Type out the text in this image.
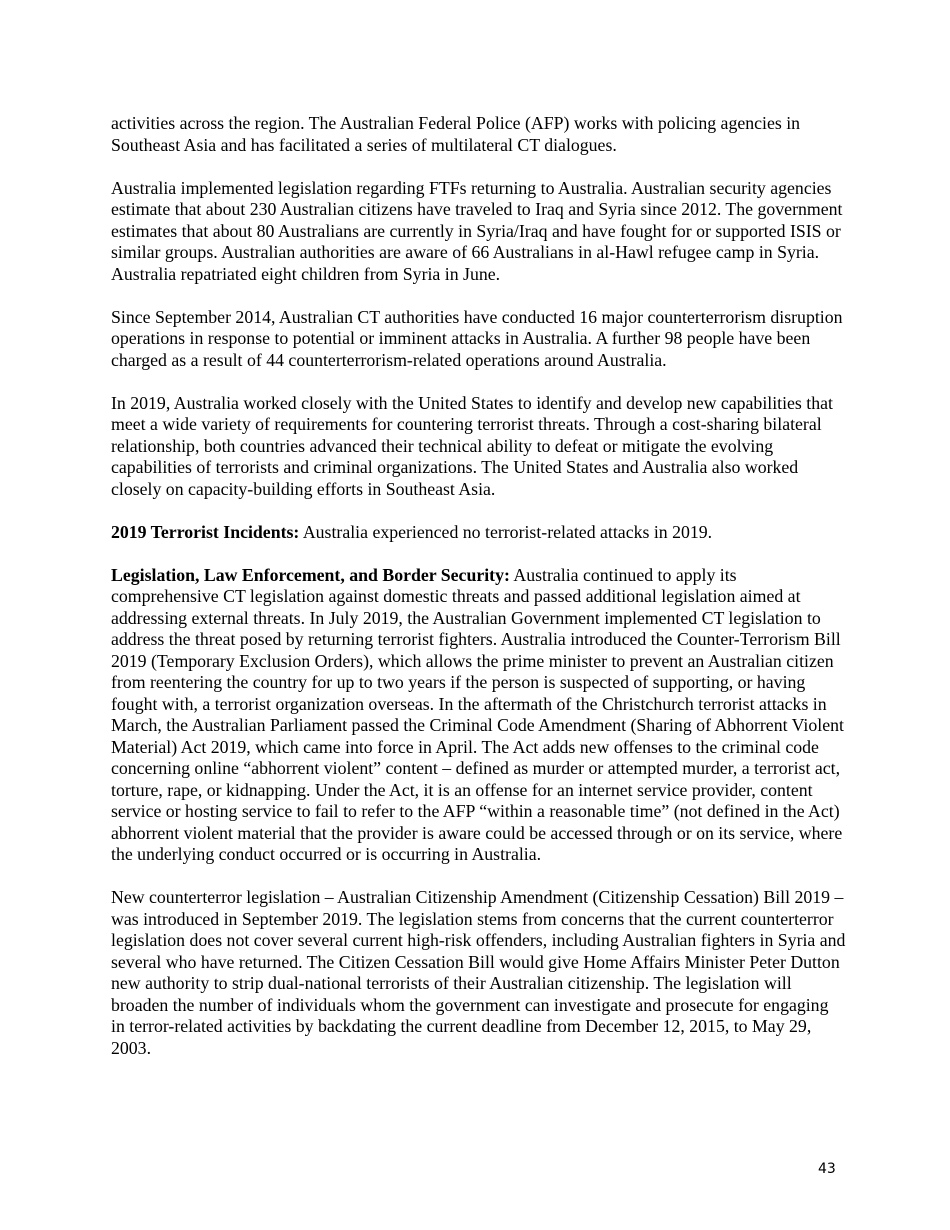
activities across the region. The Australian Federal Police (AFP) works with policing agencies in Southeast Asia and has facilitated a series of multilateral CT dialogues.

Australia implemented legislation regarding FTFs returning to Australia. Australian security agencies estimate that about 230 Australian citizens have traveled to Iraq and Syria since 2012. The government estimates that about 80 Australians are currently in Syria/Iraq and have fought for or supported ISIS or similar groups. Australian authorities are aware of 66 Australians in al-Hawl refugee camp in Syria. Australia repatriated eight children from Syria in June.

Since September 2014, Australian CT authorities have conducted 16 major counterterrorism disruption operations in response to potential or imminent attacks in Australia. A further 98 people have been charged as a result of 44 counterterrorism-related operations around Australia.

In 2019, Australia worked closely with the United States to identify and develop new capabilities that meet a wide variety of requirements for countering terrorist threats. Through a cost-sharing bilateral relationship, both countries advanced their technical ability to defeat or mitigate the evolving capabilities of terrorists and criminal organizations. The United States and Australia also worked closely on capacity-building efforts in Southeast Asia.

2019 Terrorist Incidents: Australia experienced no terrorist-related attacks in 2019.

Legislation, Law Enforcement, and Border Security: Australia continued to apply its comprehensive CT legislation against domestic threats and passed additional legislation aimed at addressing external threats. In July 2019, the Australian Government implemented CT legislation to address the threat posed by returning terrorist fighters. Australia introduced the Counter-Terrorism Bill 2019 (Temporary Exclusion Orders), which allows the prime minister to prevent an Australian citizen from reentering the country for up to two years if the person is suspected of supporting, or having fought with, a terrorist organization overseas. In the aftermath of the Christchurch terrorist attacks in March, the Australian Parliament passed the Criminal Code Amendment (Sharing of Abhorrent Violent Material) Act 2019, which came into force in April. The Act adds new offenses to the criminal code concerning online “abhorrent violent” content – defined as murder or attempted murder, a terrorist act, torture, rape, or kidnapping. Under the Act, it is an offense for an internet service provider, content service or hosting service to fail to refer to the AFP “within a reasonable time” (not defined in the Act) abhorrent violent material that the provider is aware could be accessed through or on its service, where the underlying conduct occurred or is occurring in Australia.

New counterterror legislation – Australian Citizenship Amendment (Citizenship Cessation) Bill 2019 – was introduced in September 2019. The legislation stems from concerns that the current counterterror legislation does not cover several current high-risk offenders, including Australian fighters in Syria and several who have returned. The Citizen Cessation Bill would give Home Affairs Minister Peter Dutton new authority to strip dual-national terrorists of their Australian citizenship. The legislation will broaden the number of individuals whom the government can investigate and prosecute for engaging in terror-related activities by backdating the current deadline from December 12, 2015, to May 29, 2003.

43
